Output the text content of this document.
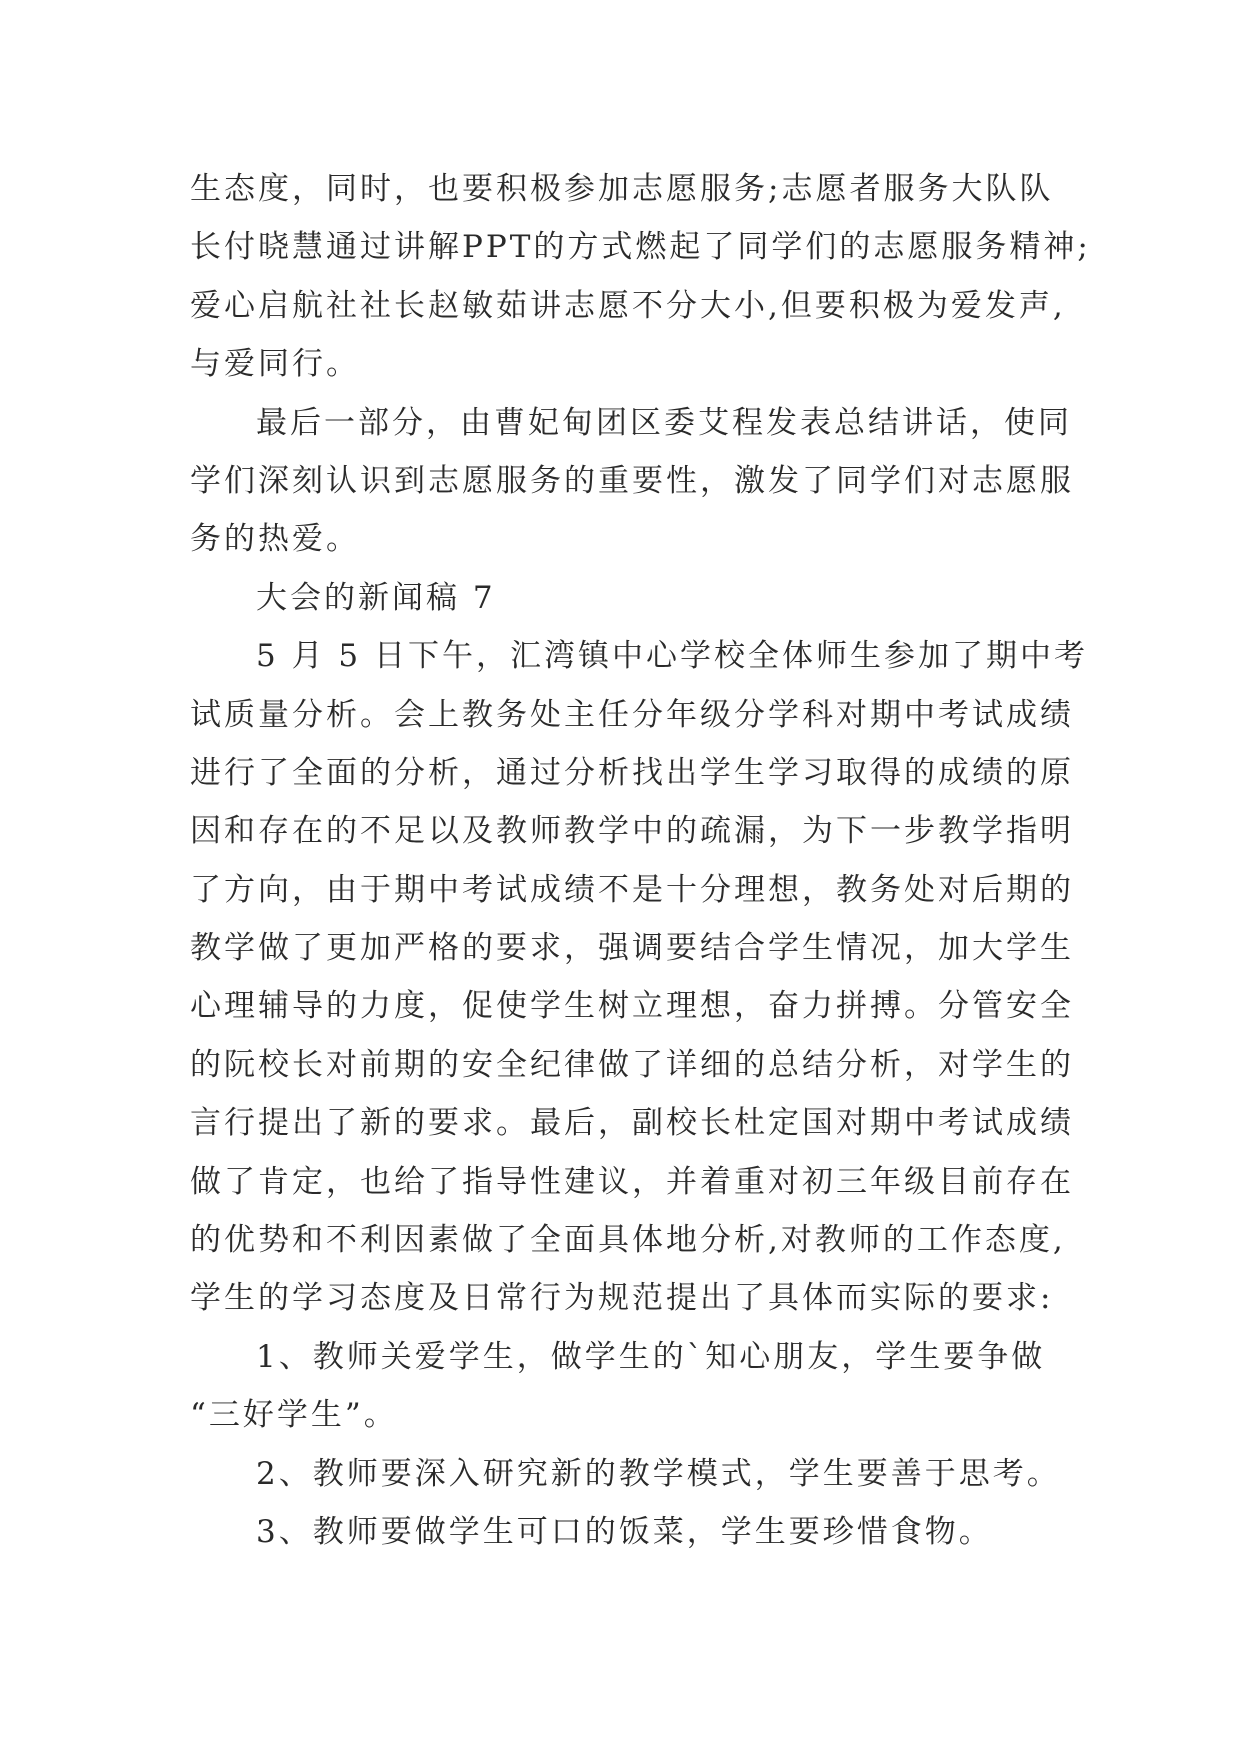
生态度，同时，也要积极参加志愿服务;志愿者服务大队队
长付晓慧通过讲解PPT的方式燃起了同学们的志愿服务精神;
爱心启航社社长赵敏茹讲志愿不分大小,但要积极为爱发声,
与爱同行。
最后一部分，由曹妃甸团区委艾程发表总结讲话，使同
学们深刻认识到志愿服务的重要性，激发了同学们对志愿服
务的热爱。
大会的新闻稿 7
5 月 5 日下午，汇湾镇中心学校全体师生参加了期中考
试质量分析。会上教务处主任分年级分学科对期中考试成绩
进行了全面的分析，通过分析找出学生学习取得的成绩的原
因和存在的不足以及教师教学中的疏漏，为下一步教学指明
了方向，由于期中考试成绩不是十分理想，教务处对后期的
教学做了更加严格的要求，强调要结合学生情况，加大学生
心理辅导的力度，促使学生树立理想，奋力拼搏。分管安全
的阮校长对前期的安全纪律做了详细的总结分析，对学生的
言行提出了新的要求。最后，副校长杜定国对期中考试成绩
做了肯定，也给了指导性建议，并着重对初三年级目前存在
的优势和不利因素做了全面具体地分析,对教师的工作态度,
学生的学习态度及日常行为规范提出了具体而实际的要求:
1、教师关爱学生，做学生的`知心朋友，学生要争做
“三好学生”。
2、教师要深入研究新的教学模式，学生要善于思考。
3、教师要做学生可口的饭菜，学生要珍惜食物。
